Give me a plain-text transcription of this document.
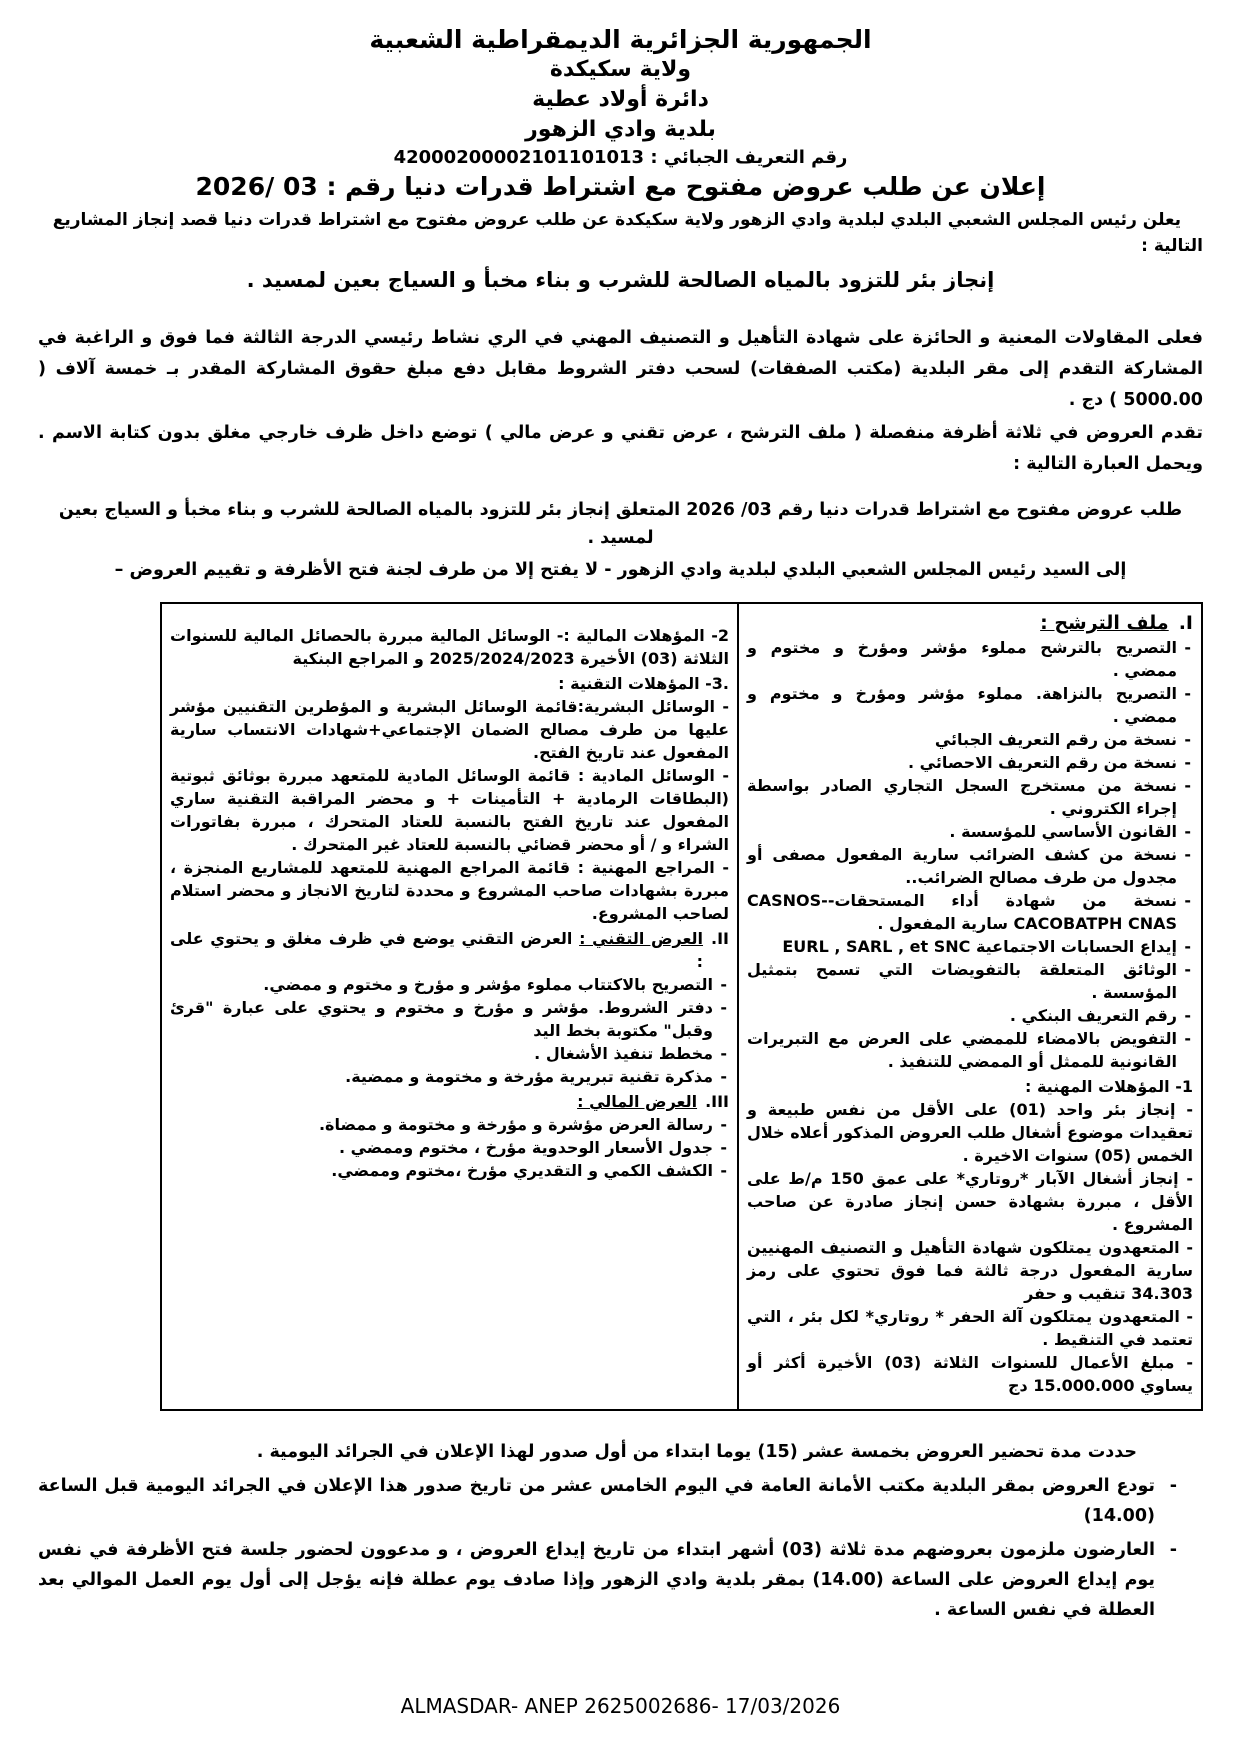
الجمهورية الجزائرية الديمقراطية الشعبية
ولاية سكيكدة
دائرة أولاد عطية
بلدية وادي الزهور
رقم التعريف الجبائي : 42000200002101101013
إعلان عن طلب عروض مفتوح مع اشتراط قدرات دنيا رقم : 03 /2026

يعلن رئيس المجلس الشعبي البلدي لبلدية وادي الزهور ولاية سكيكدة عن طلب عروض مفتوح مع اشتراط قدرات دنيا قصد إنجاز المشاريع التالية :

إنجاز بئر للتزود بالمياه الصالحة للشرب و بناء مخبأ و السياج بعين لمسيد .

فعلى المقاولات المعنية و الحائزة على شهادة التأهيل و التصنيف المهني في الري نشاط رئيسي الدرجة الثالثة فما فوق و الراغبة في المشاركة التقدم إلى مقر البلدية (مكتب الصفقات) لسحب دفتر الشروط مقابل دفع مبلغ حقوق المشاركة المقدر بـ خمسة آلاف ( 5000.00 ) دج .

تقدم العروض في ثلاثة أظرفة منفصلة ( ملف الترشح ، عرض تقني و عرض مالي ) توضع داخل ظرف خارجي مغلق بدون كتابة الاسم . ويحمل العبارة التالية :

طلب عروض مفتوح مع اشتراط قدرات دنيا رقم 03/ 2026 المتعلق إنجاز بئر للتزود بالمياه الصالحة للشرب و بناء مخبأ و السياج بعين لمسيد .

إلى السيد رئيس المجلس الشعبي البلدي لبلدية وادي الزهور - لا يفتح إلا من طرف لجنة فتح الأظرفة و تقييم العروض –

I.
ملف الترشح :
- التصريح بالترشح مملوء مؤشر ومؤرخ و مختوم و ممضي .
- التصريح بالنزاهة. مملوء مؤشر ومؤرخ و مختوم و ممضي .
- نسخة من رقم التعريف الجبائي
- نسخة من رقم التعريف الاحصائي .
- نسخة من مستخرج السجل التجاري الصادر بواسطة إجراء الكتروني .
- القانون الأساسي للمؤسسة .
- نسخة من كشف الضرائب سارية المفعول مصفى أو مجدول من طرف مصالح الضرائب..
- نسخة من شهادة أداء المستحقات-CASNOS-CACOBATPH CNAS سارية المفعول .
- إيداع الحسابات الاجتماعية EURL , SARL , et SNC
- الوثائق المتعلقة بالتفويضات التي تسمح بتمثيل المؤسسة .
- رقم التعريف البنكي .
- التفويض بالامضاء للممضي على العرض مع التبريرات القانونية للممثل أو الممضي للتنفيذ .
1- المؤهلات المهنية :

- إنجاز بئر واحد (01) على الأقل من نفس طبيعة و تعقيدات موضوع أشغال طلب العروض المذكور أعلاه خلال الخمس (05) سنوات الاخيرة .

- إنجاز أشغال الآبار *روتاري* على عمق 150 م/ط على الأقل ، مبررة بشهادة حسن إنجاز صادرة عن صاحب المشروع .

- المتعهدون يمتلكون شهادة التأهيل و التصنيف المهنيين سارية المفعول درجة ثالثة فما فوق تحتوي على رمز 34.303 تنقيب و حفر

- المتعهدون يمتلكون آلة الحفر * روتاري* لكل بئر ، التي تعتمد في التنقيط .

- مبلغ الأعمال للسنوات الثلاثة (03) الأخيرة أكثر أو يساوي 15.000.000 دج

2- المؤهلات المالية :- الوسائل المالية مبررة بالحصائل المالية للسنوات الثلاثة (03) الأخيرة 2025/2024/2023 و المراجع البنكية

.3- المؤهلات التقنية :

- الوسائل البشرية:قائمة الوسائل البشرية و المؤطرين التقنيين مؤشر عليها من طرف مصالح الضمان الإجتماعي+شهادات الانتساب سارية المفعول عند تاريخ الفتح.

- الوسائل المادية : قائمة الوسائل المادية للمتعهد مبررة بوثائق ثبوتية (البطاقات الرمادية + التأمينات + و محضر المراقبة التقنية ساري المفعول عند تاريخ الفتح بالنسبة للعتاد المتحرك ، مبررة بفاتورات الشراء و / أو محضر قضائي بالنسبة للعتاد غير المتحرك .

- المراجع المهنية : قائمة المراجع المهنية للمتعهد للمشاريع المنجزة ، مبررة بشهادات صاحب المشروع و محددة لتاريخ الانجاز و محضر استلام لصاحب المشروع.

II.
العرض التقني : العرض التقني يوضع في ظرف مغلق و يحتوي على :
- التصريح بالاكتتاب مملوء مؤشر و مؤرخ و مختوم و ممضي.
- دفتر الشروط. مؤشر و مؤرخ و مختوم و يحتوي على عبارة "قرئ وقبل" مكتوبة بخط اليد
- مخطط تنفيذ الأشغال .
- مذكرة تقنية تبريرية مؤرخة و مختومة و ممضية.
III.
العرض المالي :
- رسالة العرض مؤشرة و مؤرخة و مختومة و ممضاة.
- جدول الأسعار الوحدوية مؤرخ ، مختوم وممضي .
- الكشف الكمي و التقديري مؤرخ ،مختوم وممضي.

حددت مدة تحضير العروض بخمسة عشر (15) يوما ابتداء من أول صدور لهذا الإعلان في الجرائد اليومية .

- تودع العروض بمقر البلدية مكتب الأمانة العامة في اليوم الخامس عشر من تاريخ صدور هذا الإعلان في الجرائد اليومية قبل الساعة (14.00)

- العارضون ملزمون بعروضهم مدة ثلاثة (03) أشهر ابتداء من تاريخ إيداع العروض ، و مدعوون لحضور جلسة فتح الأظرفة في نفس يوم إيداع العروض على الساعة (14.00) بمقر بلدية وادي الزهور وإذا صادف يوم عطلة فإنه يؤجل إلى أول يوم العمل الموالي بعد العطلة في نفس الساعة .

ALMASDAR- ANEP 2625002686- 17/03/2026
